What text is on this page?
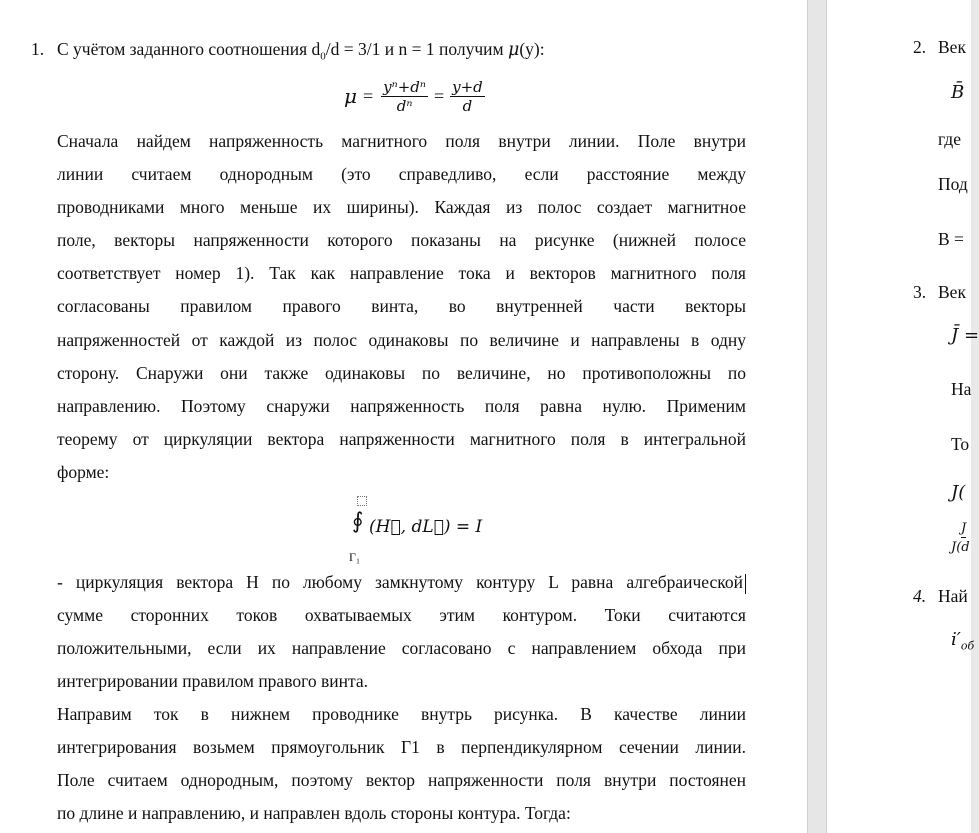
1. С учётом заданного соотношения $d_0/d = 3/1$ и n = 1 получим μ(y):
$\mu = \frac{\text{yⁿ+dⁿ}}{\text{dⁿ}} = \frac{y+d}{d}$
Сначала найдем напряженность магнитного поля внутри линии. Поле внутри
линии считаем однородным (это справедливо, если расстояние между
проводниками много меньше их ширины). Каждая из полос создает магнитное
поле, векторы напряженности которого показаны на рисунке (нижней полосе
соответствует номер 1). Так как направление тока и векторов магнитного поля
согласованы правилом правого винта, во внутренней части векторы
напряженностей от каждой из полос одинаковы по величине и направлены в одну
сторону. Снаружи они также одинаковы по величине, но противоположны по
направлению. Поэтому снаружи напряженность поля равна нулю. Применим
теорему от циркуляции вектора напряженности магнитного поля в интегральной
форме:
∮
Γ₁
(H⃗, dL⃗) = I
- циркуляция вектора H по любому замкнутому контуру L равна алгебраической
сумме сторонних токов охватываемых этим контуром. Токи считаются
положительными, если их направление согласовано с направлением обхода при
интегрировании правилом правого винта.
Направим ток в нижнем проводнике внутрь рисунка. В качестве линии
интегрирования возьмем прямоугольник Г1 в перпендикулярном сечении линии.
Поле считаем однородным, поэтому вектор напряженности поля внутри постоянен
по длине и направлению, и направлен вдоль стороны контура. Тогда:
2. Век
B̄
где
Под
B =
3. Век
J̄ =
На
То
J(
J
J(d
4. Най
$i'_{об}$
